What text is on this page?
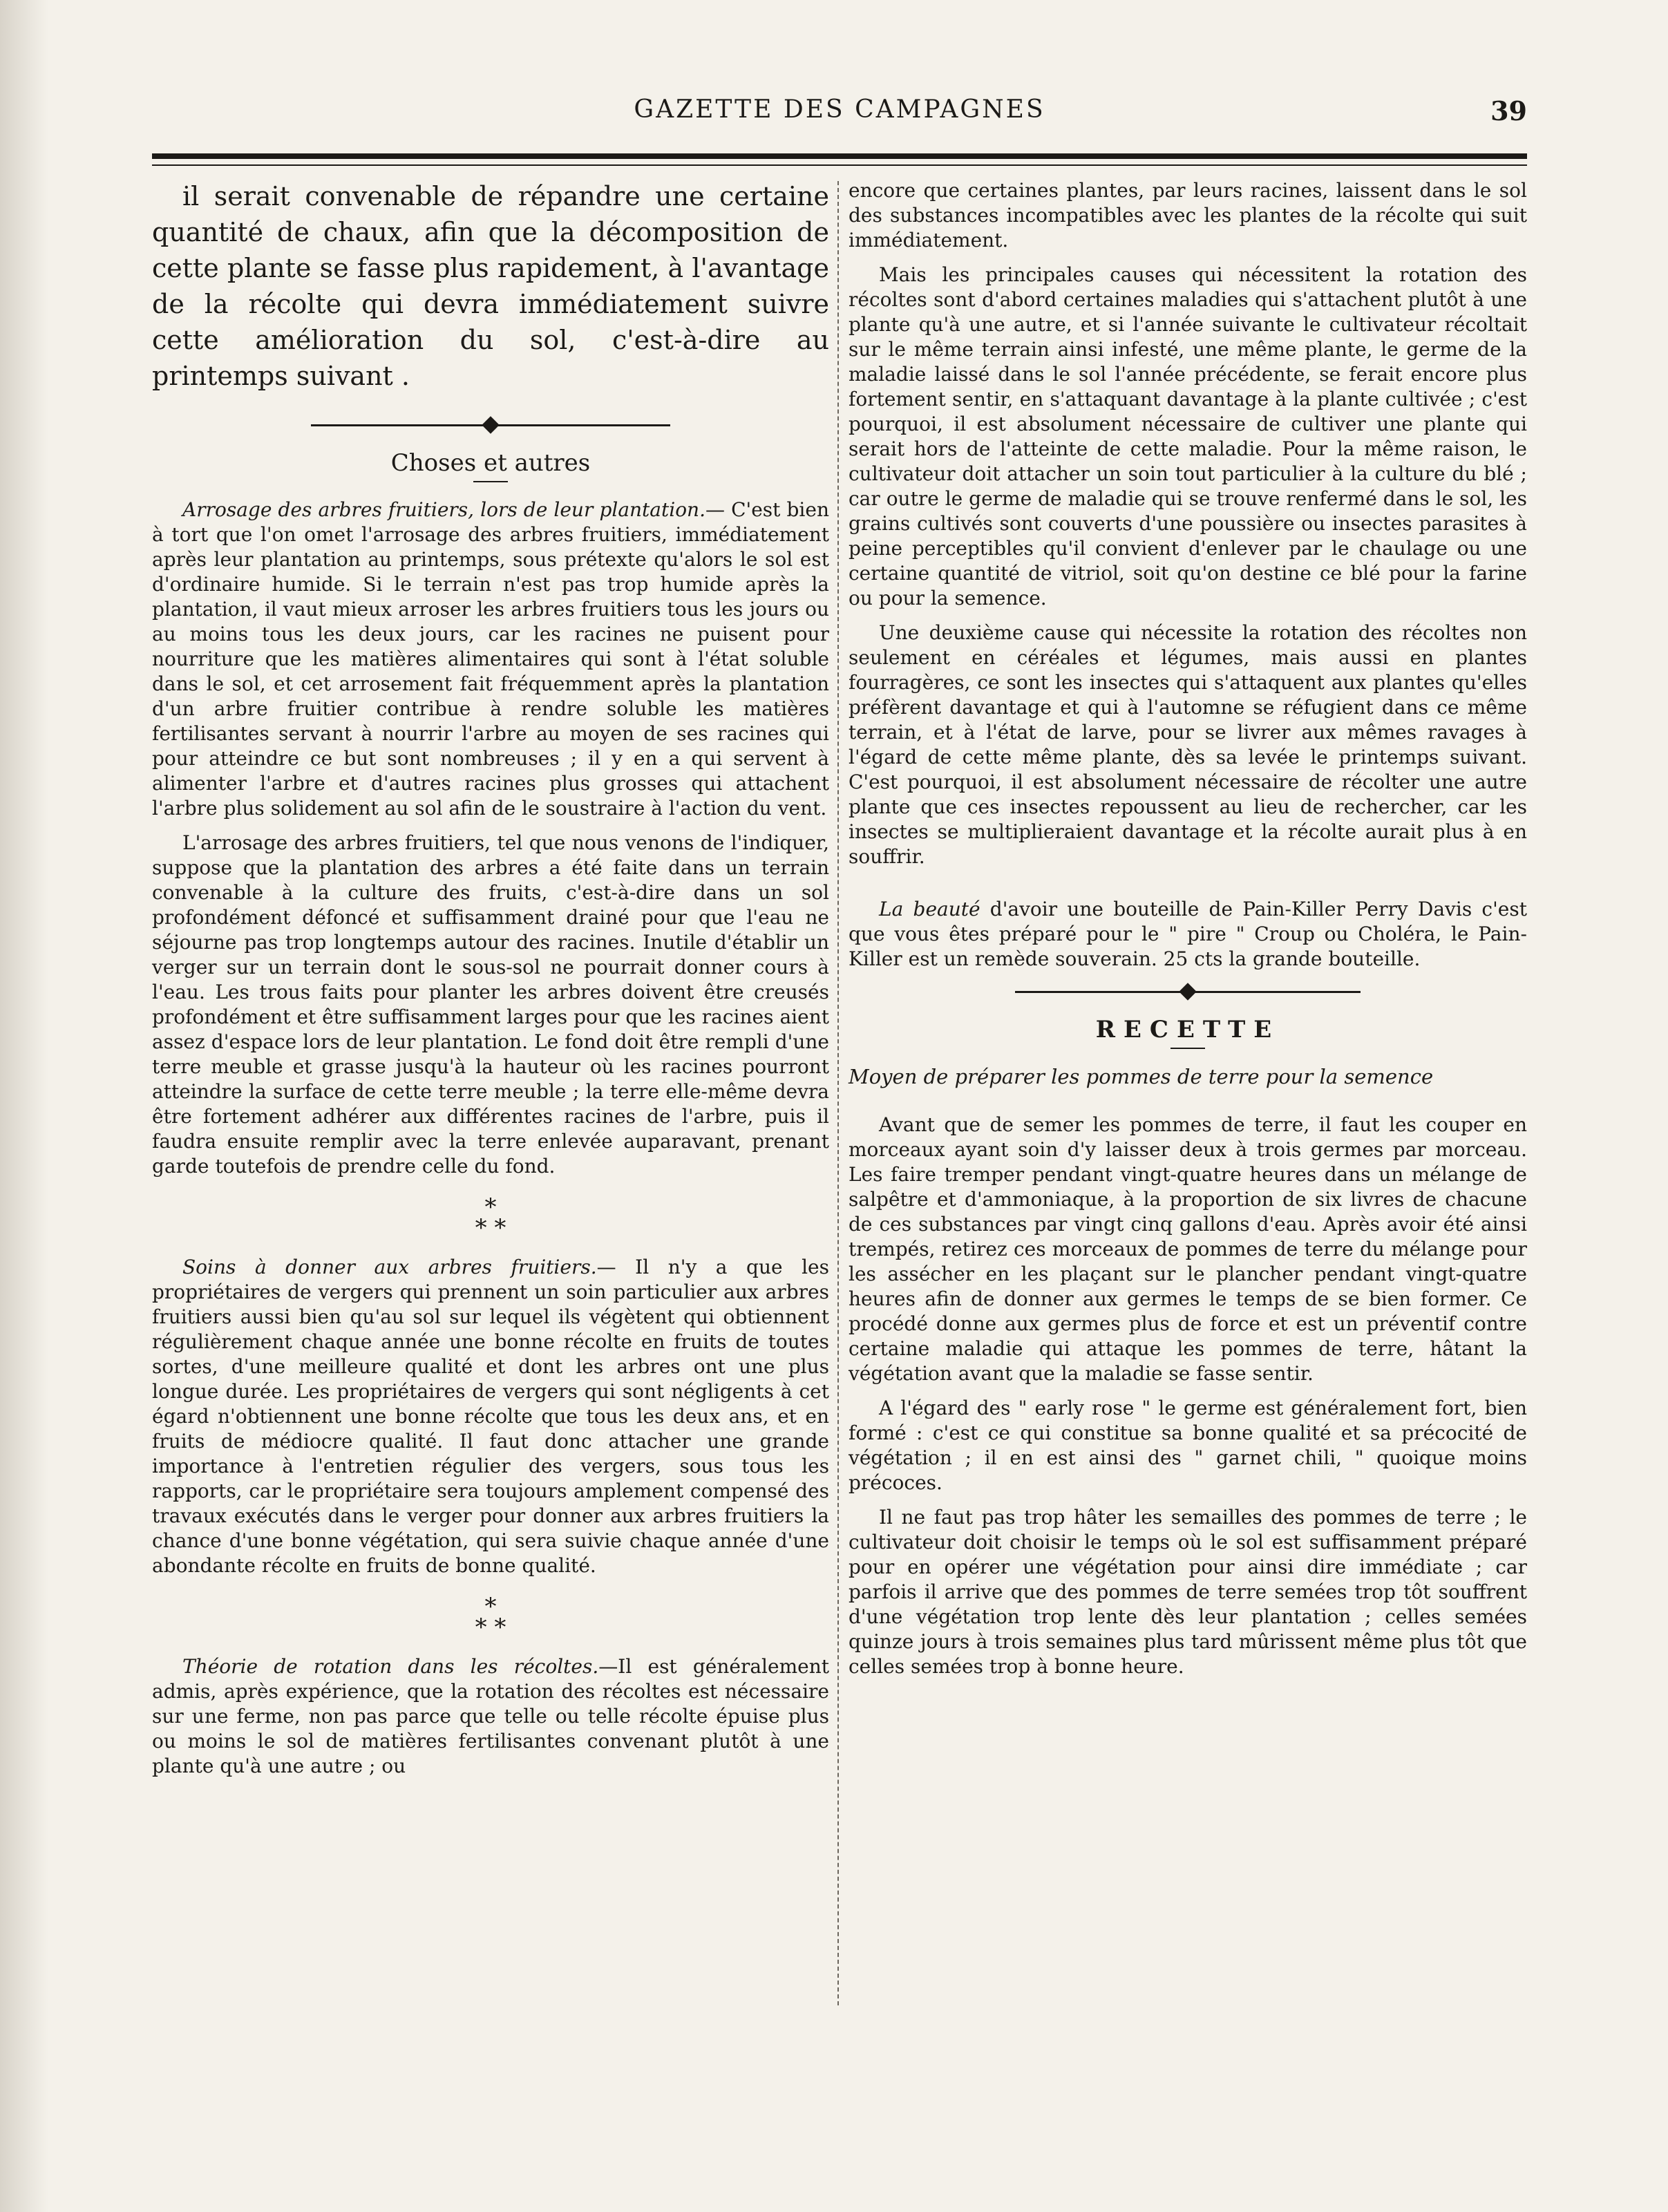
GAZETTE DES CAMPAGNES	39

il serait convenable de répandre une certaine quantité de chaux, afin que la décomposition de cette plante se fasse plus rapidement, à l'avantage de la récolte qui devra immédiatement suivre cette amélioration du sol, c'est-à-dire au printemps suivant .

Choses et autres

Arrosage des arbres fruitiers, lors de leur plantation.— C'est bien à tort que l'on omet l'arrosage des arbres fruitiers, immédiatement après leur plantation au printemps, sous prétexte qu'alors le sol est d'ordinaire humide. Si le terrain n'est pas trop humide après la plantation, il vaut mieux arroser les arbres fruitiers tous les jours ou au moins tous les deux jours, car les racines ne puisent pour nourriture que les matières alimentaires qui sont à l'état soluble dans le sol, et cet arrosement fait fréquemment après la plantation d'un arbre fruitier contribue à rendre soluble les matières fertilisantes servant à nourrir l'arbre au moyen de ses racines qui pour atteindre ce but sont nombreuses ; il y en a qui servent à alimenter l'arbre et d'autres racines plus grosses qui attachent l'arbre plus solidement au sol afin de le soustraire à l'action du vent.

L'arrosage des arbres fruitiers, tel que nous venons de l'indiquer, suppose que la plantation des arbres a été faite dans un terrain convenable à la culture des fruits, c'est-à-dire dans un sol profondément défoncé et suffisamment drainé pour que l'eau ne séjourne pas trop longtemps autour des racines. Inutile d'établir un verger sur un terrain dont le sous-sol ne pourrait donner cours à l'eau. Les trous faits pour planter les arbres doivent être creusés profondément et être suffisamment larges pour que les racines aient assez d'espace lors de leur plantation. Le fond doit être rempli d'une terre meuble et grasse jusqu'à la hauteur où les racines pourront atteindre la surface de cette terre meuble ; la terre elle-même devra être fortement adhérer aux différentes racines de l'arbre, puis il faudra ensuite remplir avec la terre enlevée auparavant, prenant garde toutefois de prendre celle du fond.

*
* *

Soins à donner aux arbres fruitiers.— Il n'y a que les propriétaires de vergers qui prennent un soin particulier aux arbres fruitiers aussi bien qu'au sol sur lequel ils végètent qui obtiennent régulièrement chaque année une bonne récolte en fruits de toutes sortes, d'une meilleure qualité et dont les arbres ont une plus longue durée. Les propriétaires de vergers qui sont négligents à cet égard n'obtiennent une bonne récolte que tous les deux ans, et en fruits de médiocre qualité. Il faut donc attacher une grande importance à l'entretien régulier des vergers, sous tous les rapports, car le propriétaire sera toujours amplement compensé des travaux exécutés dans le verger pour donner aux arbres fruitiers la chance d'une bonne végétation, qui sera suivie chaque année d'une abondante récolte en fruits de bonne qualité.

*
* *

Théorie de rotation dans les récoltes.—Il est généralement admis, après expérience, que la rotation des récoltes est nécessaire sur une ferme, non pas parce que telle ou telle récolte épuise plus ou moins le sol de matières fertilisantes convenant plutôt à une plante qu'à une autre ; ou

encore que certaines plantes, par leurs racines, laissent dans le sol des substances incompatibles avec les plantes de la récolte qui suit immédiatement.

Mais les principales causes qui nécessitent la rotation des récoltes sont d'abord certaines maladies qui s'attachent plutôt à une plante qu'à une autre, et si l'année suivante le cultivateur récoltait sur le même terrain ainsi infesté, une même plante, le germe de la maladie laissé dans le sol l'année précédente, se ferait encore plus fortement sentir, en s'attaquant davantage à la plante cultivée ; c'est pourquoi, il est absolument nécessaire de cultiver une plante qui serait hors de l'atteinte de cette maladie. Pour la même raison, le cultivateur doit attacher un soin tout particulier à la culture du blé ; car outre le germe de maladie qui se trouve renfermé dans le sol, les grains cultivés sont couverts d'une poussière ou insectes parasites à peine perceptibles qu'il convient d'enlever par le chaulage ou une certaine quantité de vitriol, soit qu'on destine ce blé pour la farine ou pour la semence.

Une deuxième cause qui nécessite la rotation des récoltes non seulement en céréales et légumes, mais aussi en plantes fourragères, ce sont les insectes qui s'attaquent aux plantes qu'elles préfèrent davantage et qui à l'automne se réfugient dans ce même terrain, et à l'état de larve, pour se livrer aux mêmes ravages à l'égard de cette même plante, dès sa levée le printemps suivant. C'est pourquoi, il est absolument nécessaire de récolter une autre plante que ces insectes repoussent au lieu de rechercher, car les insectes se multiplieraient davantage et la récolte aurait plus à en souffrir.

La beauté d'avoir une bouteille de Pain-Killer Perry Davis c'est que vous êtes préparé pour le " pire " Croup ou Choléra, le Pain-Killer est un remède souverain. 25 cts la grande bouteille.

RECETTE

Moyen de préparer les pommes de terre pour la semence

Avant que de semer les pommes de terre, il faut les couper en morceaux ayant soin d'y laisser deux à trois germes par morceau. Les faire tremper pendant vingt-quatre heures dans un mélange de salpêtre et d'ammoniaque, à la proportion de six livres de chacune de ces substances par vingt cinq gallons d'eau. Après avoir été ainsi trempés, retirez ces morceaux de pommes de terre du mélange pour les assécher en les plaçant sur le plancher pendant vingt-quatre heures afin de donner aux germes le temps de se bien former. Ce procédé donne aux germes plus de force et est un préventif contre certaine maladie qui attaque les pommes de terre, hâtant la végétation avant que la maladie se fasse sentir.

A l'égard des " early rose " le germe est généralement fort, bien formé : c'est ce qui constitue sa bonne qualité et sa précocité de végétation ; il en est ainsi des " garnet chili, " quoique moins précoces.

Il ne faut pas trop hâter les semailles des pommes de terre ; le cultivateur doit choisir le temps où le sol est suffisamment préparé pour en opérer une végétation pour ainsi dire immédiate ; car parfois il arrive que des pommes de terre semées trop tôt souffrent d'une végétation trop lente dès leur plantation ; celles semées quinze jours à trois semaines plus tard mûrissent même plus tôt que celles semées trop à bonne heure.
